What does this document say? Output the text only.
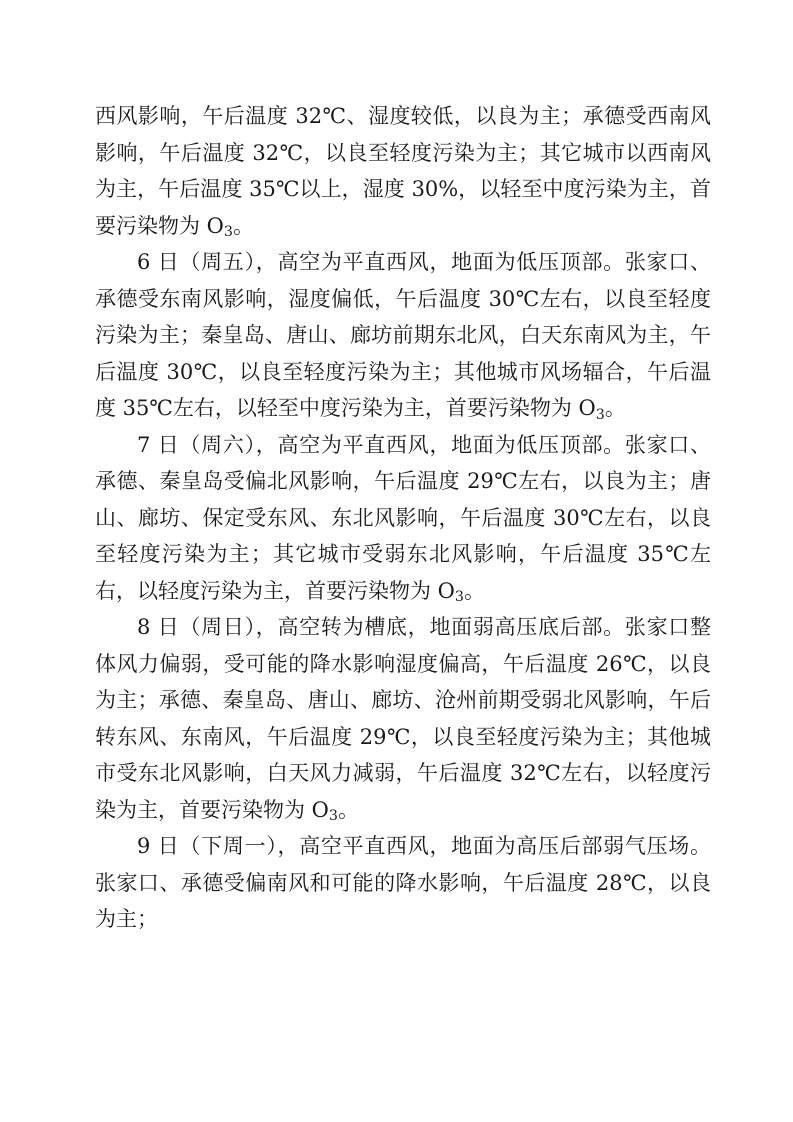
西风影响，午后温度 32℃、湿度较低，以良为主；承德受西南风影响，午后温度 32℃，以良至轻度污染为主；其它城市以西南风为主，午后温度 35℃以上，湿度 30%，以轻至中度污染为主，首要污染物为 O3。

6 日（周五），高空为平直西风，地面为低压顶部。张家口、承德受东南风影响，湿度偏低，午后温度 30℃左右，以良至轻度污染为主；秦皇岛、唐山、廊坊前期东北风，白天东南风为主，午后温度 30℃，以良至轻度污染为主；其他城市风场辐合，午后温度 35℃左右，以轻至中度污染为主，首要污染物为 O3。

7 日（周六），高空为平直西风，地面为低压顶部。张家口、承德、秦皇岛受偏北风影响，午后温度 29℃左右，以良为主；唐山、廊坊、保定受东风、东北风影响，午后温度 30℃左右，以良至轻度污染为主；其它城市受弱东北风影响，午后温度 35℃左右，以轻度污染为主，首要污染物为 O3。

8 日（周日），高空转为槽底，地面弱高压底后部。张家口整体风力偏弱，受可能的降水影响湿度偏高，午后温度 26℃，以良为主；承德、秦皇岛、唐山、廊坊、沧州前期受弱北风影响，午后转东风、东南风，午后温度 29℃，以良至轻度污染为主；其他城市受东北风影响，白天风力减弱，午后温度 32℃左右，以轻度污染为主，首要污染物为 O3。

9 日（下周一），高空平直西风，地面为高压后部弱气压场。张家口、承德受偏南风和可能的降水影响，午后温度 28℃，以良为主；
